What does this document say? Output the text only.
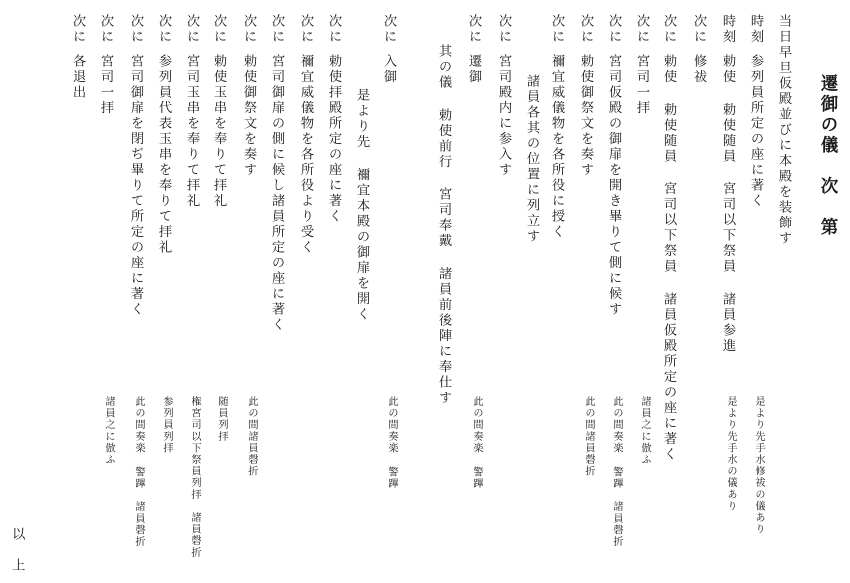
遷御の儀　次　第
当日早旦仮殿並びに本殿を装飾す
時刻
参列員所定の座に著く
是より先手水修祓の儀あり
時刻
勅使 勅使随員 宮司以下祭員 諸員参進
是より先手水の儀あり
次に
修祓
次に
勅使 勅使随員 宮司以下祭員 諸員仮殿所定の座に著く
次に
宮司一拝
諸員之に倣ふ
次に
宮司仮殿の御扉を開き畢りて側に候す
此の間奏楽 警蹕　諸員磬折
次に
勅使御祭文を奏す
此の間諸員磬折
次に
禰宜威儀物を各所役に授く
諸員各其の位置に列立す
次に
宮司殿内に参入す
次に
遷御
此の間奏楽 警蹕
其の儀 勅使前行 宮司奉戴 諸員前後陣に奉仕す
次に
入御
此の間奏楽 警蹕
是より先 禰宜本殿の御扉を開く
次に
勅使拝殿所定の座に著く
次に
禰宜威儀物を各所役より受く
次に
宮司御扉の側に候し諸員所定の座に著く
次に
勅使御祭文を奏す
此の間諸員磬折
次に
勅使玉串を奉りて拝礼
随員列拝
次に
宮司玉串を奉りて拝礼
権宮司以下祭員列拝　諸員磬折
次に
参列員代表玉串を奉りて拝礼
参列員列拝
次に
宮司御扉を閉ぢ畢りて所定の座に著く
此の間奏楽 警蹕　諸員磬折
次に
宮司一拝
諸員之に倣ふ
次に
各退出
以　上
